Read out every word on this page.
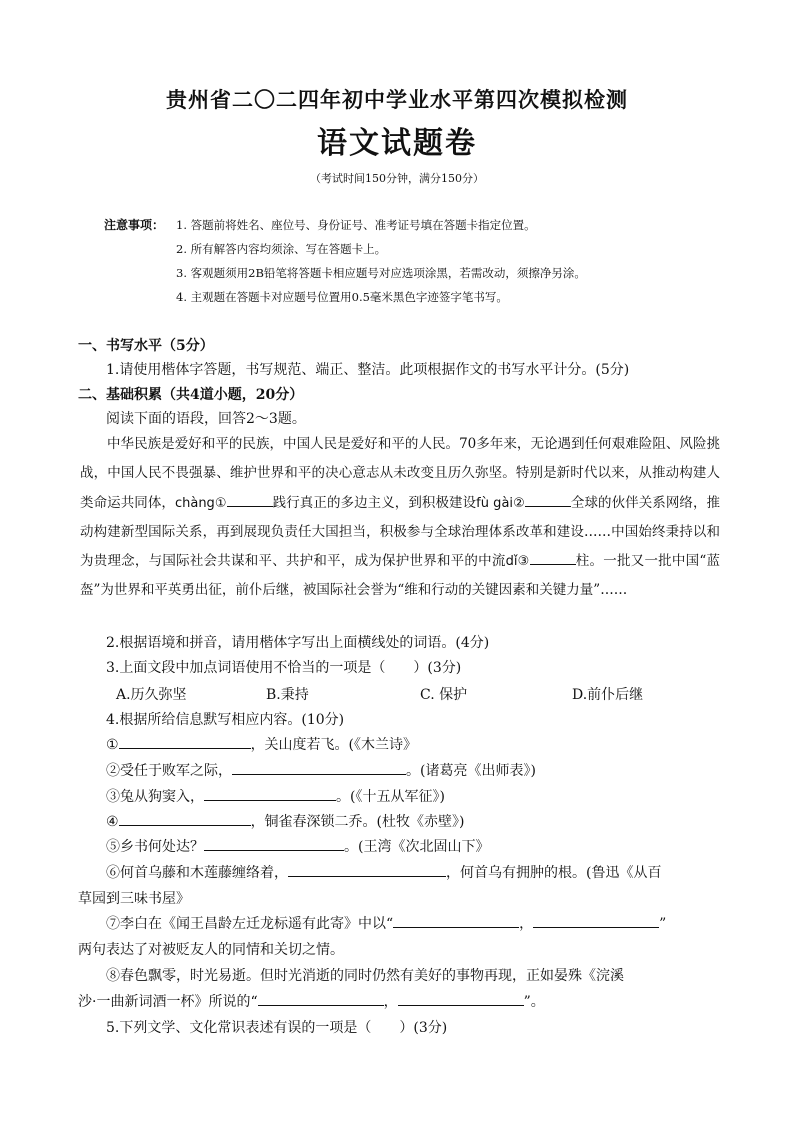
贵州省二〇二四年初中学业水平第四次模拟检测
语文试题卷
（考试时间150分钟，满分150分）
注意事项： 1. 答题前将姓名、座位号、身份证号、准考证号填在答题卡指定位置。
2. 所有解答内容均须涂、写在答题卡上。
3. 客观题须用2B铅笔将答题卡相应题号对应选项涂黑，若需改动，须擦净另涂。
4. 主观题在答题卡对应题号位置用0.5毫米黑色字迹签字笔书写。
一、书写水平（5分）
1.请使用楷体字答题，书写规范、端正、整洁。此项根据作文的书写水平计分。(5分)
二、基础积累（共4道小题，20分）
阅读下面的语段，回答2～3题。

中华民族是爱好和平的民族，中国人民是爱好和平的人民。70多年来，无论遇到任何艰难险阻、风险挑战，中国人民不畏强暴、维护世界和平的决心意志从未改变且历久弥坚。特别是新时代以来，从推动构建人类命运共同体，chàng①	践行真正的多边主义，到积极建设fù gài②	全球的伙伴关系网络，推动构建新型国际关系，再到展现负责任大国担当，积极参与全球治理体系改革和建设……中国始终秉持以和为贵理念，与国际社会共谋和平、共护和平，成为保护世界和平的中流dǐ③	柱。一批又一批中国“蓝盔”为世界和平英勇出征，前仆后继，被国际社会誉为“维和行动的关键因素和关键力量”……

2.根据语境和拼音，请用楷体字写出上面横线处的词语。(4分)
3.上面文段中加点词语使用不恰当的一项是（　　）(3分)
A.历久弥坚	B.秉持	C. 保护	D.前仆后继
4.根据所给信息默写相应内容。(10分)
①	，关山度若飞。(《木兰诗》
②受任于败军之际，	。(诸葛亮《出师表》)
③兔从狗窦入，	。(《十五从军征》)
④	，铜雀春深锁二乔。(杜牧《赤壁》)
⑤乡书何处达？	。(王湾《次北固山下》
⑥何首乌藤和木莲藤缠络着，	，何首乌有拥肿的根。(鲁迅《从百
草园到三味书屋》
⑦李白在《闻王昌龄左迁龙标遥有此寄》中以“	，	”
两句表达了对被贬友人的同情和关切之情。
⑧春色飘零，时光易逝。但时光消逝的同时仍然有美好的事物再现，正如晏殊《浣溪
沙·一曲新词酒一杯》所说的“	，	”。
5.下列文学、文化常识表述有误的一项是（　　）(3分)
